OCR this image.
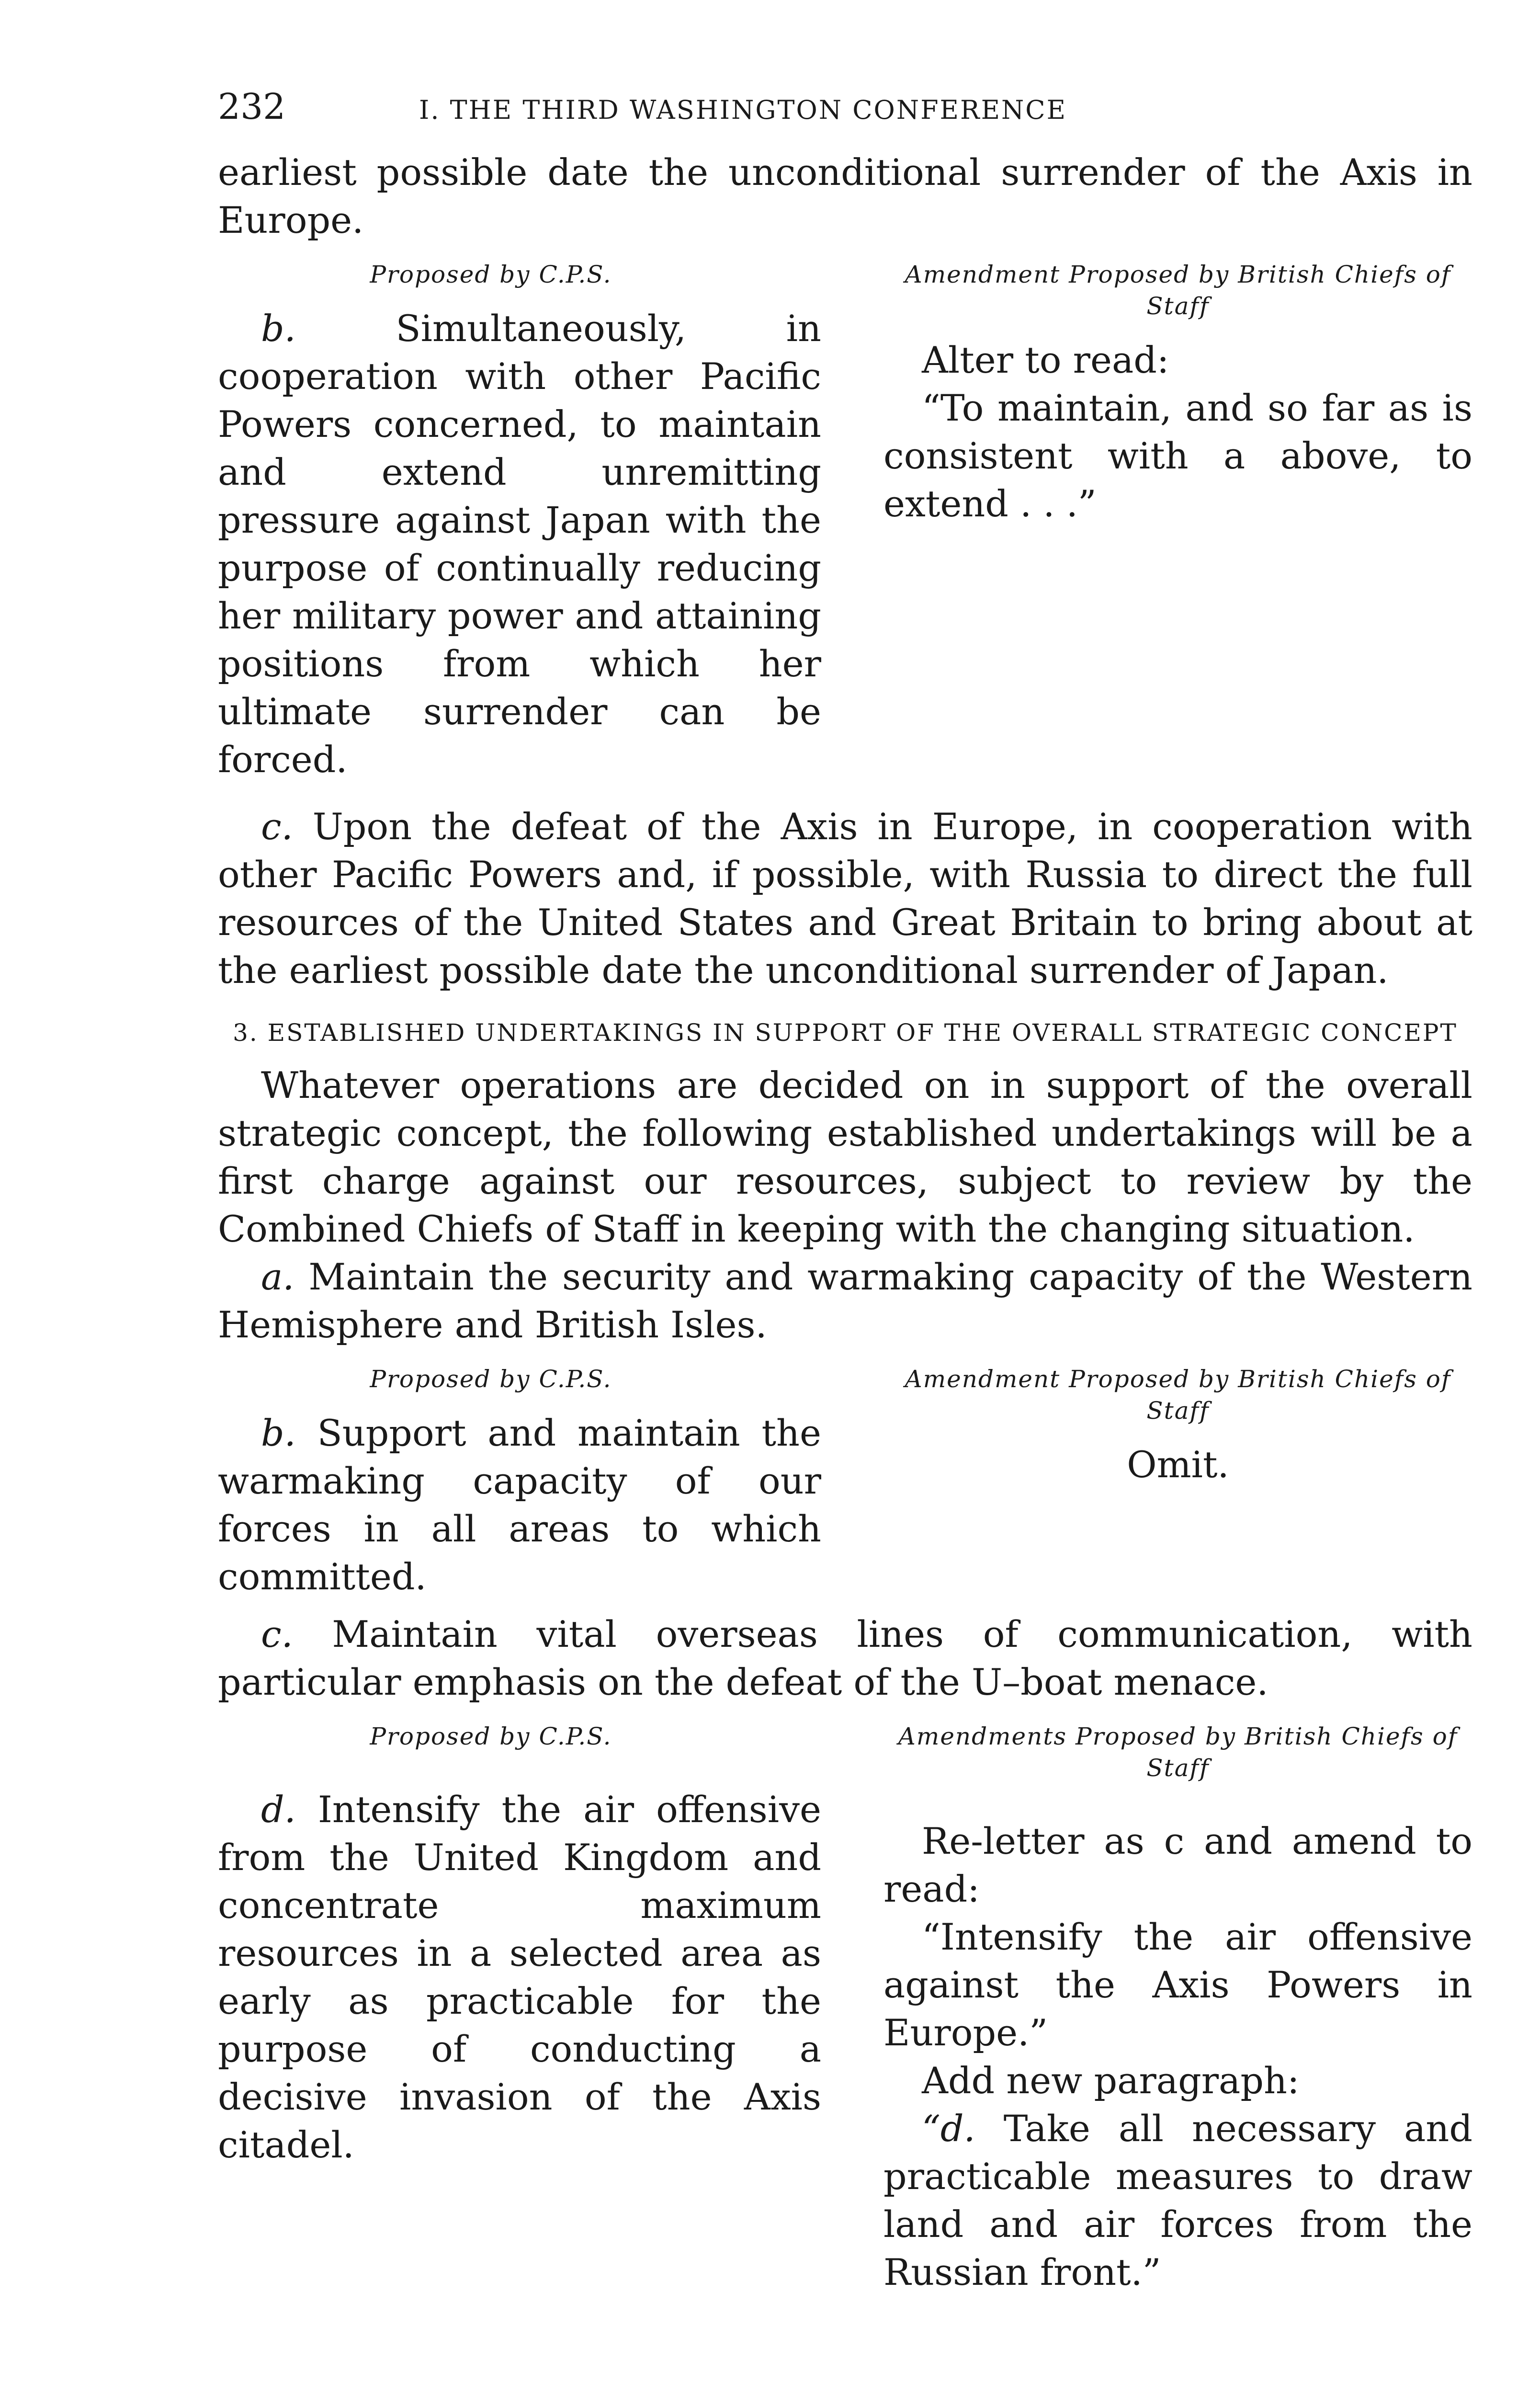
232	I. THE THIRD WASHINGTON CONFERENCE

earliest possible date the unconditional surrender of the Axis in Europe.

Proposed by C.P.S.

b.	Simultaneously, in cooperation with other Pacific Powers concerned, to maintain and extend unremitting pressure against Japan with the purpose of continually reducing her military power and attaining positions from which her ultimate surrender can be forced.

Amendment Proposed by British Chiefs of Staff

Alter to read:

“To maintain, and so far as is consistent with a above, to extend . . .”

c. Upon the defeat of the Axis in Europe, in cooperation with other Pacific Powers and, if possible, with Russia to direct the full resources of the United States and Great Britain to bring about at the earliest possible date the unconditional surrender of Japan.

3. ESTABLISHED UNDERTAKINGS IN SUPPORT OF THE OVERALL STRATEGIC CONCEPT

Whatever operations are decided on in support of the overall strategic concept, the following established undertakings will be a first charge against our resources, subject to review by the Combined Chiefs of Staff in keeping with the changing situation.

a. Maintain the security and warmaking capacity of the Western Hemisphere and British Isles.

Proposed by C.P.S.

b. Support and maintain the warmaking capacity of our forces in all areas to which committed.

Amendment Proposed by British Chiefs of Staff

Omit.

c. Maintain vital overseas lines of communication, with particular emphasis on the defeat of the U–boat menace.

Proposed by C.P.S.

d. Intensify the air offensive from the United Kingdom and concentrate maximum resources in a selected area as early as practicable for the purpose of conducting a decisive invasion of the Axis citadel.

Amendments Proposed by British Chiefs of Staff

Re-letter as c and amend to read:

“Intensify the air offensive against the Axis Powers in Europe.”

Add new paragraph:

“d. Take all necessary and practicable measures to draw land and air forces from the Russian front.”
